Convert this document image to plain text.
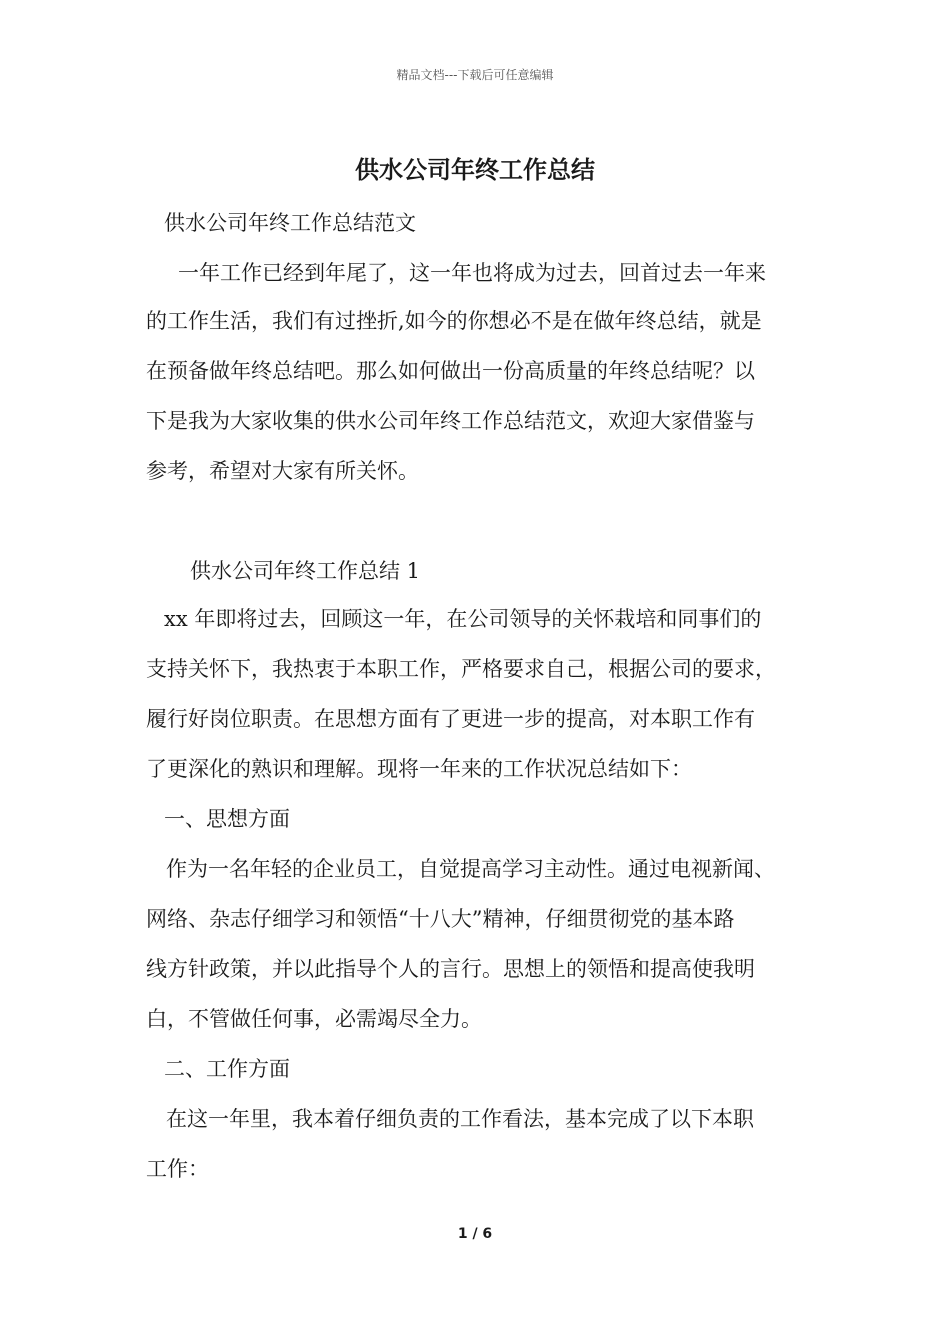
精品文档---下载后可任意编辑
供水公司年终工作总结

供水公司年终工作总结范文

一年工作已经到年尾了，这一年也将成为过去，回首过去一年来

的工作生活，我们有过挫折,如今的你想必不是在做年终总结，就是

在预备做年终总结吧。那么如何做出一份高质量的年终总结呢？以

下是我为大家收集的供水公司年终工作总结范文，欢迎大家借鉴与

参考，希望对大家有所关怀。

供水公司年终工作总结 1

xx 年即将过去，回顾这一年，在公司领导的关怀栽培和同事们的

支持关怀下，我热衷于本职工作，严格要求自己，根据公司的要求，

履行好岗位职责。在思想方面有了更进一步的提高，对本职工作有

了更深化的熟识和理解。现将一年来的工作状况总结如下：

一、思想方面

作为一名年轻的企业员工，自觉提高学习主动性。通过电视新闻、

网络、杂志仔细学习和领悟“十八大”精神，仔细贯彻党的基本路

线方针政策，并以此指导个人的言行。思想上的领悟和提高使我明

白，不管做任何事，必需竭尽全力。

二、工作方面

在这一年里，我本着仔细负责的工作看法，基本完成了以下本职

工作：

1 / 6
